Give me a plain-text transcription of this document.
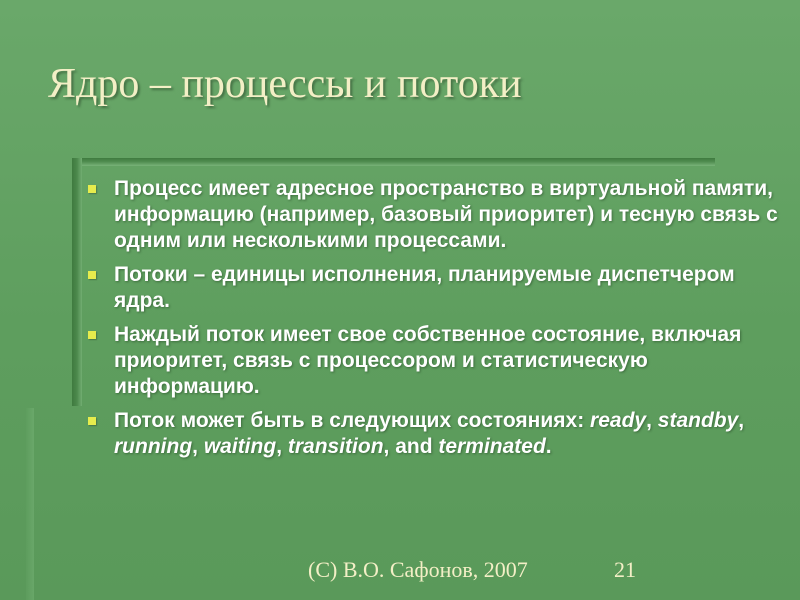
Ядро – процессы и потоки
Процесс имеет адресное пространство в виртуальной памяти, информацию (например, базовый приоритет) и тесную связь с одним или несколькими процессами.
Потоки – единицы исполнения, планируемые диспетчером ядра.
Наждый поток имеет свое собственное состояние, включая приоритет, связь с процессором и статистическую информацию.
Поток может быть в следующих состояниях: ready, standby, running, waiting, transition, and terminated.
(C) В.О. Сафонов, 2007	21
